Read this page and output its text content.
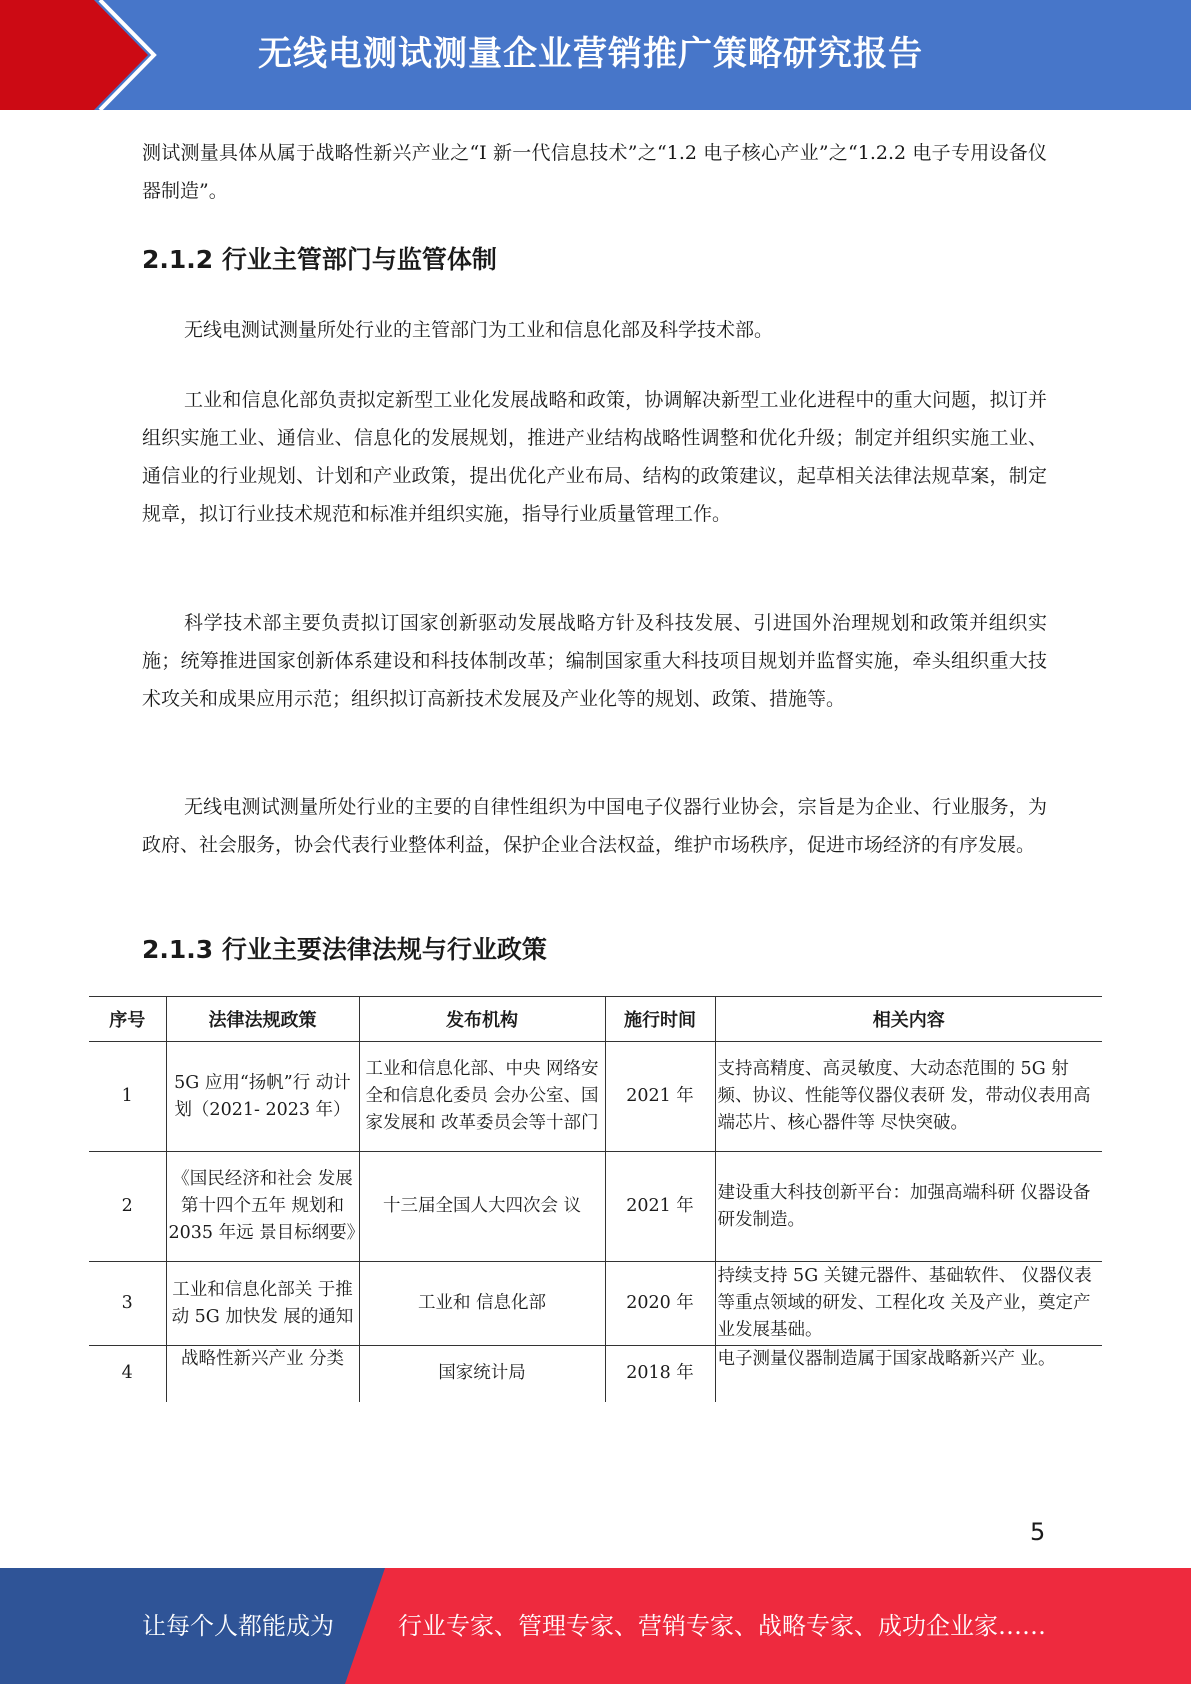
无线电测试测量企业营销推广策略研究报告

测试测量具体从属于战略性新兴产业之“I 新一代信息技术”之“1.2 电子核心产业”之“1.2.2 电子专用设备仪器制造”。

2.1.2 行业主管部门与监管体制

无线电测试测量所处行业的主管部门为工业和信息化部及科学技术部。

工业和信息化部负责拟定新型工业化发展战略和政策，协调解决新型工业化进程中的重大问题，拟订并组织实施工业、通信业、信息化的发展规划，推进产业结构战略性调整和优化升级；制定并组织实施工业、通信业的行业规划、计划和产业政策，提出优化产业布局、结构的政策建议，起草相关法律法规草案，制定规章，拟订行业技术规范和标准并组织实施，指导行业质量管理工作。

科学技术部主要负责拟订国家创新驱动发展战略方针及科技发展、引进国外治理规划和政策并组织实施；统筹推进国家创新体系建设和科技体制改革；编制国家重大科技项目规划并监督实施，牵头组织重大技术攻关和成果应用示范；组织拟订高新技术发展及产业化等的规划、政策、措施等。

无线电测试测量所处行业的主要的自律性组织为中国电子仪器行业协会，宗旨是为企业、行业服务，为政府、社会服务，协会代表行业整体利益，保护企业合法权益，维护市场秩序，促进市场经济的有序发展。

2.1.3 行业主要法律法规与行业政策
序号	法律法规政策	发布机构	施行时间	相关内容
1	5G 应用“扬帆”行 动计划（2021- 2023 年）	工业和信息化部、中央 网络安全和信息化委员 会办公室、国家发展和 改革委员会等十部门	2021 年	支持高精度、高灵敏度、大动态范围的 5G 射频、协议、性能等仪器仪表研 发，带动仪表用高端芯片、核心器件等 尽快突破。
2	《国民经济和社会 发展第十四个五年 规划和 2035 年远 景目标纲要》	十三届全国人大四次会 议	2021 年	建设重大科技创新平台：加强高端科研 仪器设备研发制造。
3	工业和信息化部关 于推动 5G 加快发 展的通知	工业和 信息化部	2020 年	持续支持 5G 关键元器件、基础软件、 仪器仪表等重点领域的研发、工程化攻 关及产业，奠定产业发展基础。
4	战略性新兴产业 分类	国家统计局	2018 年	电子测量仪器制造属于国家战略新兴产 业。
5
让每个人都能成为	行业专家、管理专家、营销专家、战略专家、成功企业家……
